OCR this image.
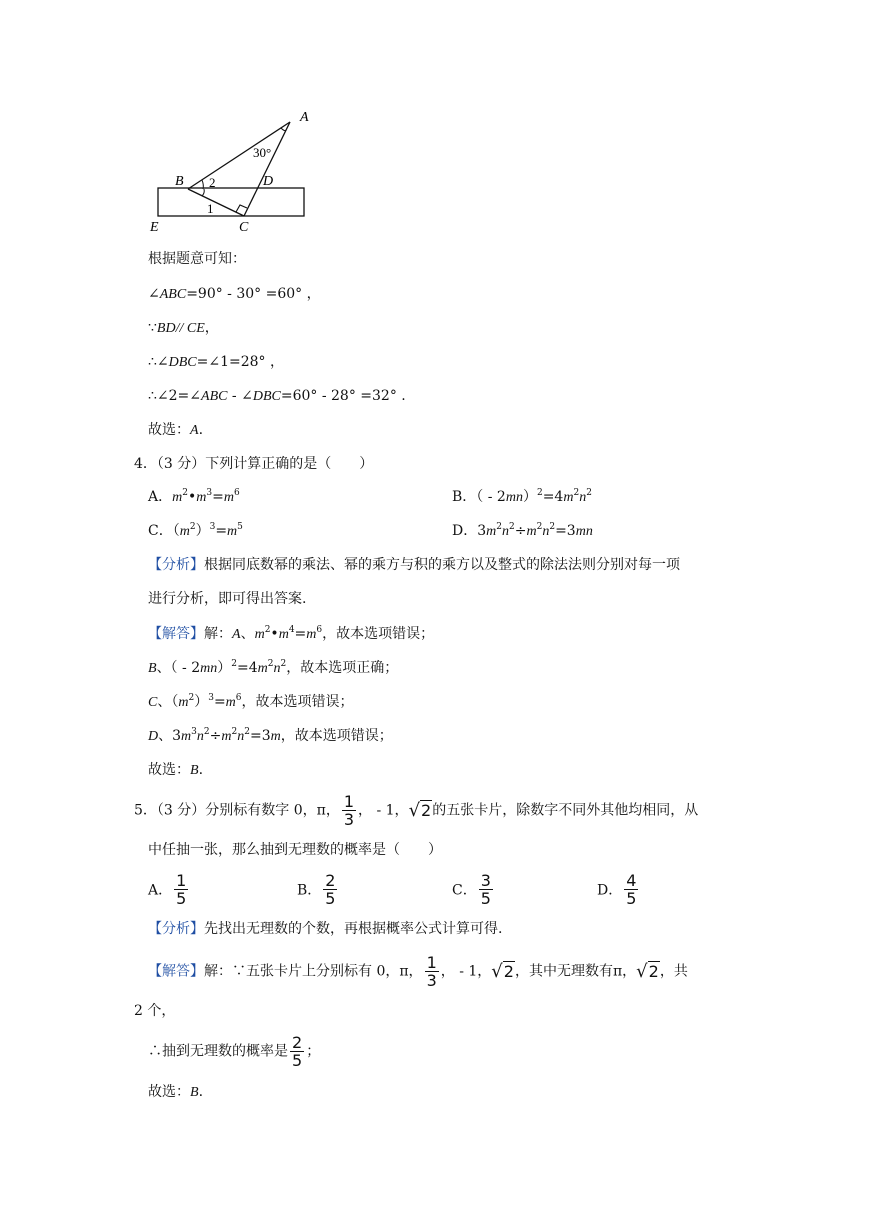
A
B
C
D
E
30°
2
1
根据题意可知：
∠ABC=90° - 30° =60° ，
∵BD// CE，
∴∠DBC=∠1=28° ，
∴∠2=∠ABC - ∠DBC=60° - 28° =32° .
故选：A.
4．（3 分）下列计算正确的是（　　）
A．$m^2•m^3=m^6$	B．（ - $2mn)^2=4m^2n^2$
C．$(m^2)^3=m^5$	D．$3m^2n^2\div m^2n^2=3mn$
【分析】根据同底数幂的乘法、幂的乘方与积的乘方以及整式的除法法则分别对每一项
进行分析，即可得出答案.
【解答】解：A、$m^2•m^4=m^6$，故本选项错误；
B、（ - $2mn)^2=4m^2n^2$，故本选项正确；
C、$(m^2)^3=m^6$，故本选项错误；
D、$3m^3n^2\div m^2n^2=3m$，故本选项错误；
故选：B.
5．（3 分）分别标有数字 0，π， $\frac{1}{3}$ ， - 1，√2的五张卡片，除数字不同外其他均相同，从
中任抽一张，那么抽到无理数的概率是（　　）
A． $\frac{1}{5}$	B． $\frac{2}{5}$	C． $\frac{3}{5}$	D． $\frac{4}{5}$
【分析】先找出无理数的个数，再根据概率公式计算可得.
【解答】解：∵五张卡片上分别标有 0，π， $\frac{1}{3}$ ， - 1，√2，其中无理数有π，√2，共
2 个，
∴抽到无理数的概率是 $\frac{2}{5}$ ；
故选：B.
